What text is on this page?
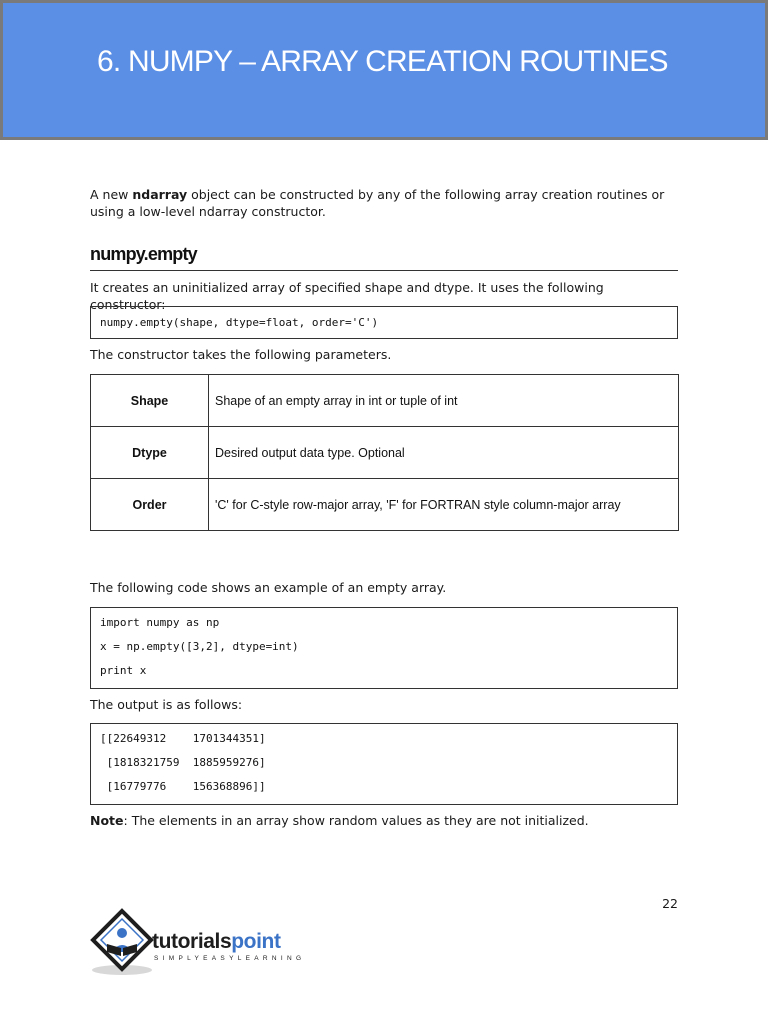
6. NUMPY – ARRAY CREATION ROUTINES

A new ndarray object can be constructed by any of the following array creation routines or using a low-level ndarray constructor.

numpy.empty

It creates an uninitialized array of specified shape and dtype. It uses the following constructor:

numpy.empty(shape, dtype=float, order='C')

The constructor takes the following parameters.

Shape	Shape of an empty array in int or tuple of int
Dtype	Desired output data type. Optional
Order	'C' for C-style row-major array, 'F' for FORTRAN style column-major array

The following code shows an example of an empty array.

import numpy as np
x = np.empty([3,2], dtype=int)
print x

The output is as follows:

[[22649312    1701344351]
[1818321759  1885959276]
[16779776    156368896]]

Note: The elements in an array show random values as they are not initialized.

22

tutorialspoint
SIMPLYEASYLEARNING
